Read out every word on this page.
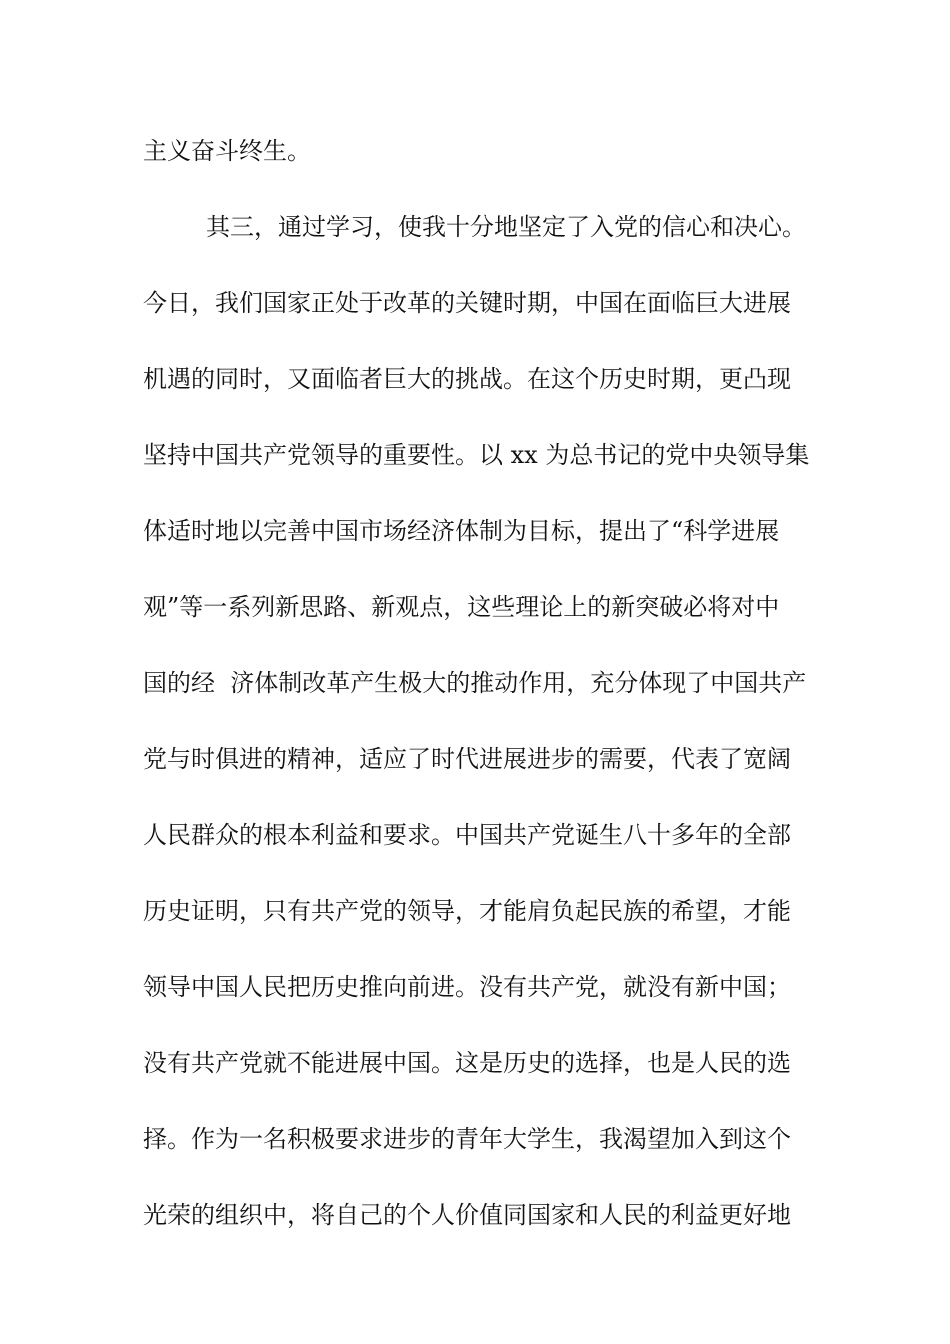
主义奋斗终生。

其三，通过学习，使我十分地坚定了入党的信心和决心。

今日，我们国家正处于改革的关键时期，中国在面临巨大进展

机遇的同时，又面临者巨大的挑战。在这个历史时期，更凸现

坚持中国共产党领导的重要性。以 xx 为总书记的党中央领导集

体适时地以完善中国市场经济体制为目标，提出了“科学进展

观”等一系列新思路、新观点，这些理论上的新突破必将对中

国的经  济体制改革产生极大的推动作用，充分体现了中国共产

党与时俱进的精神，适应了时代进展进步的需要，代表了宽阔

人民群众的根本利益和要求。中国共产党诞生八十多年的全部

历史证明，只有共产党的领导，才能肩负起民族的希望，才能

领导中国人民把历史推向前进。没有共产党，就没有新中国；

没有共产党就不能进展中国。这是历史的选择，也是人民的选

择。作为一名积极要求进步的青年大学生，我渴望加入到这个

光荣的组织中，将自己的个人价值同国家和人民的利益更好地
